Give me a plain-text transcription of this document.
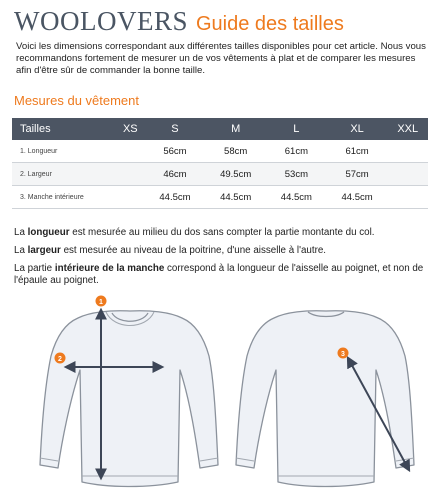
WOOLOVERS Guide des tailles
Voici les dimensions correspondant aux différentes tailles disponibles pour cet article. Nous vous recommandons fortement de mesurer un de vos vêtements à plat et de comparer les mesures afin d'être sûr de commander la bonne taille.
Mesures du vêtement
Tailles	XS	S	M	L	XL	XXL
1. Longueur		56cm	58cm	61cm	61cm	
2. Largeur		46cm	49.5cm	53cm	57cm	
3. Manche intérieure		44.5cm	44.5cm	44.5cm	44.5cm	

La longueur est mesurée au milieu du dos sans compter la partie montante du col.

La largeur est mesurée au niveau de la poitrine, d'une aisselle à l'autre.

La partie intérieure de la manche correspond à la longueur de l'aisselle au poignet, et non de l'épaule au poignet.

1
2
3
